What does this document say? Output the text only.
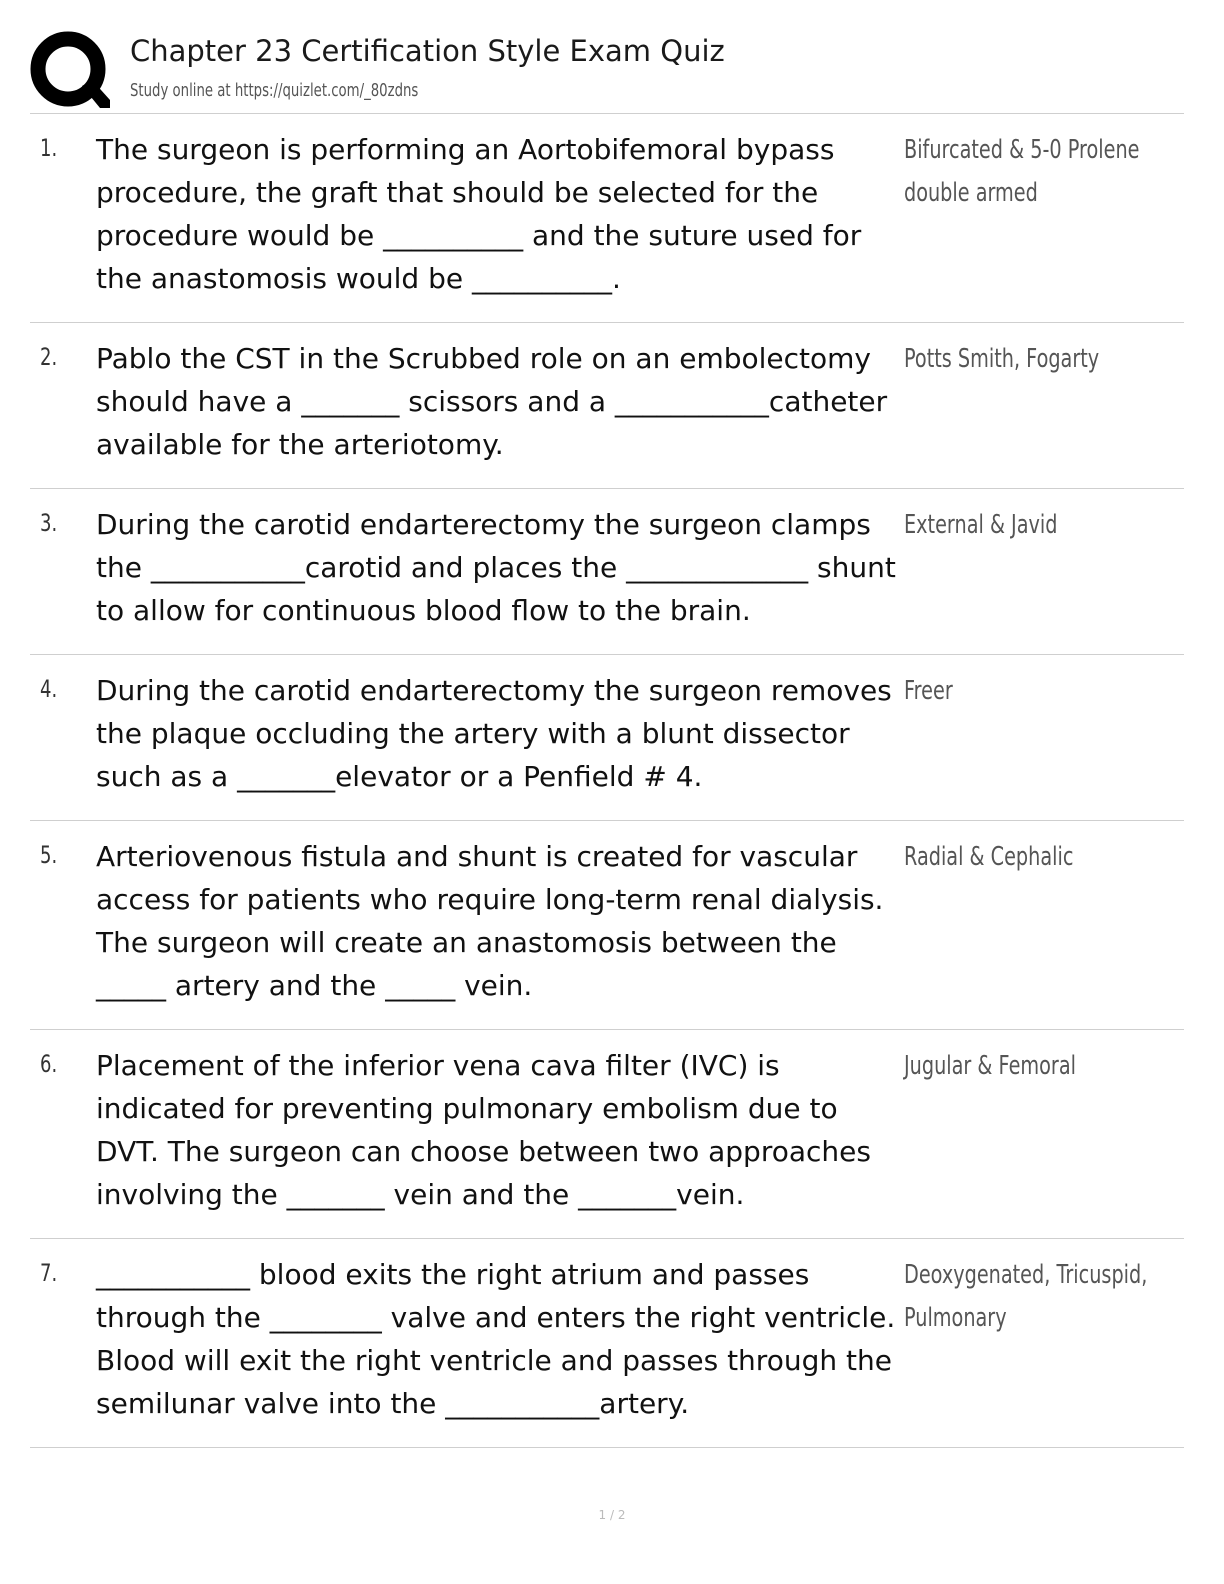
Chapter 23 Certification Style Exam Quiz
Study online at https://quizlet.com/_80zdns
1. The surgeon is performing an Aortobifemoral bypass procedure, the graft that should be selected for the procedure would be __________ and the suture used for the anastomosis would be __________.
Bifurcated & 5-0 Prolene double armed
2. Pablo the CST in the Scrubbed role on an embolectomy should have a _______ scissors and a ___________catheter available for the arteriotomy.
Potts Smith, Fogarty
3. During the carotid endarterectomy the surgeon clamps the ___________carotid and places the _____________ shunt to allow for continuous blood flow to the brain.
External & Javid
4. During the carotid endarterectomy the surgeon removes the plaque occluding the artery with a blunt dissector such as a _______elevator or a Penfield # 4.
Freer
5. Arteriovenous fistula and shunt is created for vascular access for patients who require long-term renal dialysis. The surgeon will create an anastomosis between the _____ artery and the _____ vein.
Radial & Cephalic
6. Placement of the inferior vena cava filter (IVC) is indicated for preventing pulmonary embolism due to DVT. The surgeon can choose between two approaches involving the _______ vein and the _______vein.
Jugular & Femoral
7. ___________ blood exits the right atrium and passes through the ________ valve and enters the right ventricle. Blood will exit the right ventricle and passes through the semilunar valve into the ___________artery.
Deoxygenated, Tricuspid, Pulmonary
1 / 2
